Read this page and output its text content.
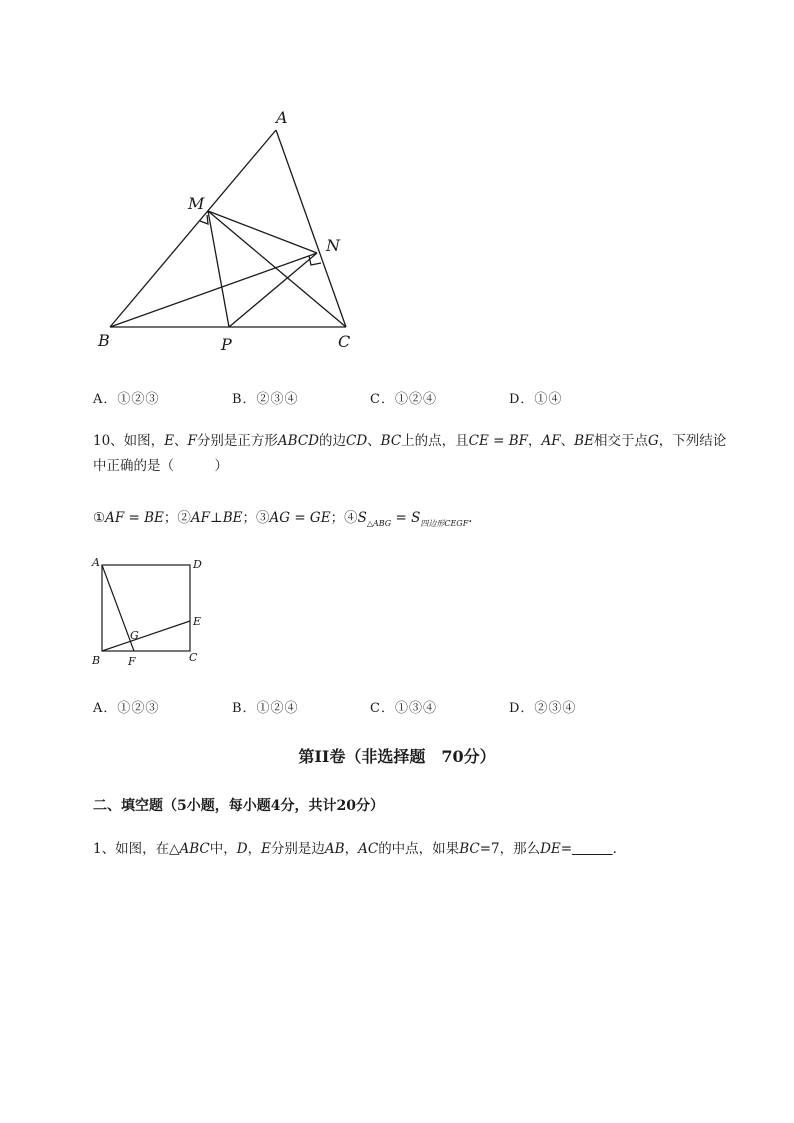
A
M
N
B	P	C
A．①②③	B．②③④	C．①②④	D．①④
10、如图，E、F分别是正方形ABCD的边CD、BC上的点，且CE = BF，AF、BE相交于点G，下列结论
中正确的是（　　　）
①AF = BE；②AF⊥BE；③AG = GE；$④S_{\triangle ABG} = S_{四边形CEGF}$．
A	D
E
G
B	F	C
A．①②③	B．①②④	C．①③④	D．②③④
第II卷（非选择题　70分）
二、填空题（5小题，每小题4分，共计20分）
1、如图，在△ABC中，D，E分别是边AB，AC的中点，如果BC=7，那么DE=＿＿＿．
